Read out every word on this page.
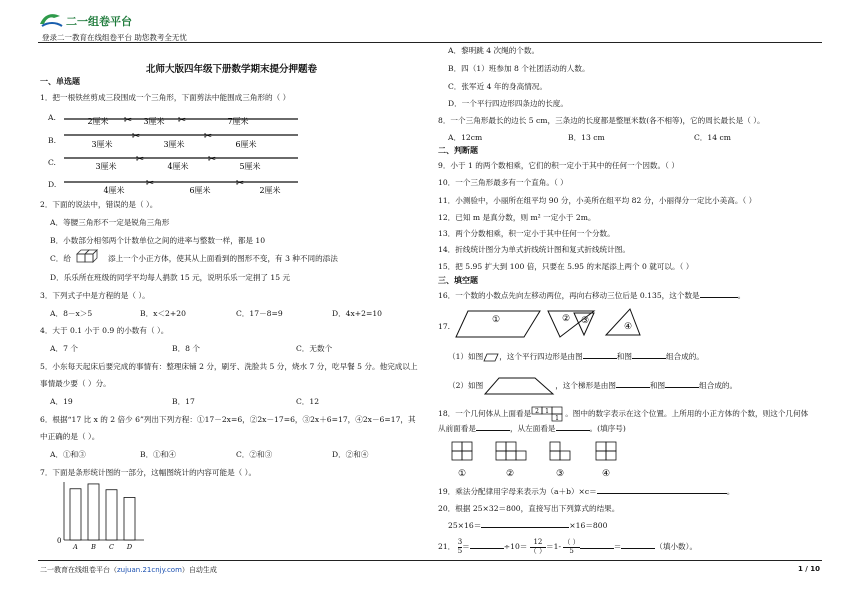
二一组卷平台
登录二一教育在线组卷平台 助您教考全无忧
北师大版四年级下册数学期末提分押题卷
一、单选题
1．把一根铁丝剪成三段围成一个三角形，下面剪法中能围成三角形的（ ）
A.
B.
C.
D.
2厘米	3厘米	7厘米
✂	✂
3厘米	3厘米	6厘米
✂	✂
3厘米	4厘米	5厘米
✂	✂
4厘米	6厘米	2厘米
✂	✂
2．下面的说法中，错误的是（ ）。
A．等腰三角形不一定是锐角三角形
B．小数部分相邻两个计数单位之间的进率与整数一样，都是 10
C．给	添上一个小正方体，使其从上面看到的图形不变，有 3 种不同的添法
D．乐乐所在班级的同学平均每人捐款 15 元，说明乐乐一定捐了 15 元
3．下列式子中是方程的是（ ）。
A．8－x＞5	B．x＜2+20	C．17－8=9	D．4x+2=10
4．大于 0.1 小于 0.9 的小数有（ ）。
A．7 个	B．8 个	C．无数个
5．小东每天起床后要完成的事情有：整理床铺 2 分，刷牙、洗脸共 5 分，烧水 7 分，吃早餐 5 分。他完成以上
事情最少要（ ）分。
A．19	B．17	C．12
6．根据“17 比 x 的 2 倍少 6”列出下列方程：①17－2x=6，②2x－17=6，③2x＋6=17，④2x－6=17，其
中正确的是（ ）。
A．①和③	B．①和④	C．②和③	D．②和④
7．下面是条形统计图的一部分，这幅图统计的内容可能是（ ）。
0
A B C D
A．黎明跳 4 次绳的个数。
B．四（1）班参加 8 个社团活动的人数。
C．张军近 4 年的身高情况。
D．一个平行四边形四条边的长度。
8．一个三角形最长的边长 5 cm，三条边的长度都是整厘米数(各不相等)，它的周长最长是（ ）。
A．12cm	B．13 cm	C．14 cm
二、判断题
9．小于 1 的两个数相乘，它们的积一定小于其中的任何一个因数。（ ）
10．一个三角形最多有一个直角。（ ）
11．小测验中，小丽所在组平均 90 分，小美所在组平均 82 分，小丽得分一定比小美高。（ ）
12．已知 m 是真分数，则 m² 一定小于 2m。
13．两个分数相乘，积一定小于其中任何一个分数。
14．折线统计图分为单式折线统计图和复式折线统计图。
15．把 5.95 扩大到 100 倍，只要在 5.95 的末尾添上两个 0 就可以。（ ）
三、填空题
16．一个数的小数点先向左移动两位，再向右移动三位后是 0.135，这个数是	。
17.
①	② ③
④
（1）如图 ，这个平行四边形是由图	和图	组合成的。
（2）如图	，这个梯形是由图	和图	组合成的。
18．一个几何体从上面看是 2 1
1
。图中的数字表示在这个位置。上所用的小正方体的个数，则这个几何体
从前面看是	，从左面看是	。(填序号)
①	②	③	④
19．乘法分配律用字母来表示为（a＋b）×c＝	。
20．根据 25×32＝800，直接写出下列算式的结果。
25×16＝	×16＝800
21． $\frac{3}{5}$ ＝	÷10＝
12
（ ） ＝1-
（ ）
5	＝	（填小数）。
二一教育在线组卷平台（zujuan.21cnjy.com）自动生成	1 / 10
